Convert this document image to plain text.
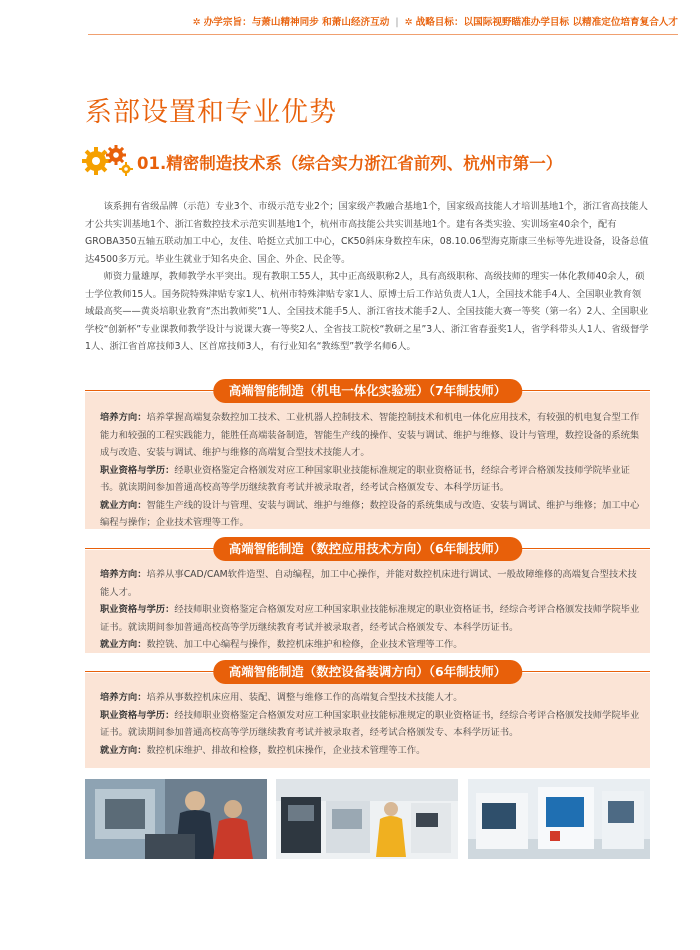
✲ 办学宗旨：与萧山精神同步 和萧山经济互动 | ✲ 战略目标：以国际视野瞄准办学目标 以精准定位培育复合人才
系部设置和专业优势
01.精密制造技术系（综合实力浙江省前列、杭州市第一）

该系拥有省级品牌（示范）专业3个、市级示范专业2个；国家级产教融合基地1个，国家级高技能人才培训基地1个，浙江省高技能人才公共实训基地1个、浙江省数控技术示范实训基地1个，杭州市高技能公共实训基地1个。建有各类实验、实训场室40余个，配有GROBA350五轴五联动加工中心，友佳、哈挺立式加工中心，CK50斜床身数控车床，08.10.06型海克斯康三坐标等先进设备，设备总值达4500多万元。毕业生就业于知名央企、国企、外企、民企等。

师资力量雄厚，教师教学水平突出。现有教职工55人，其中正高级职称2人，具有高级职称、高级技师的理实一体化教师40余人，硕士学位教师15人。国务院特殊津贴专家1人、杭州市特殊津贴专家1人、原博士后工作站负责人1人，全国技术能手4人、全国职业教育领域最高奖——黄炎培职业教育“杰出教师奖”1人、全国技术能手5人、浙江省技术能手2人、全国技能大赛一等奖（第一名）2人、全国职业学校“创新杯”专业课教师教学设计与说课大赛一等奖2人、全省技工院校“教研之星”3人、浙江省春蚕奖1人，省学科带头人1人、省级督学1人、浙江省首席技师3人、区首席技师3人，有行业知名“教练型”教学名师6人。

高端智能制造（机电一体化实验班）（7年制技师）
培养方向：培养掌握高端复杂数控加工技术、工业机器人控制技术、智能控制技术和机电一体化应用技术，有较强的机电复合型工作能力和较强的工程实践能力，能胜任高端装备制造，智能生产线的操作、安装与调试、维护与维修、设计与管理，数控设备的系统集成与改造、安装与调试、维护与维修的高端复合型技术技能人才。
职业资格与学历：经职业资格鉴定合格颁发对应工种国家职业技能标准规定的职业资格证书，经综合考评合格颁发技师学院毕业证书。就读期间参加普通高校高等学历继续教育考试并被录取者，经考试合格颁发专、本科学历证书。
就业方向：智能生产线的设计与管理、安装与调试、维护与维修；数控设备的系统集成与改造、安装与调试、维护与维修；加工中心编程与操作；企业技术管理等工作。
高端智能制造（数控应用技术方向）（6年制技师）
培养方向：培养从事CAD/CAM软件造型、自动编程，加工中心操作，并能对数控机床进行调试、一般故障维修的高端复合型技术技能人才。
职业资格与学历：经技师职业资格鉴定合格颁发对应工种国家职业技能标准规定的职业资格证书，经综合考评合格颁发技师学院毕业证书。就读期间参加普通高校高等学历继续教育考试并被录取者，经考试合格颁发专、本科学历证书。
就业方向：数控铣、加工中心编程与操作，数控机床维护和检修，企业技术管理等工作。
高端智能制造（数控设备装调方向）（6年制技师）
培养方向：培养从事数控机床应用、装配、调整与维修工作的高端复合型技术技能人才。
职业资格与学历：经技师职业资格鉴定合格颁发对应工种国家职业技能标准规定的职业资格证书，经综合考评合格颁发技师学院毕业证书。就读期间参加普通高校高等学历继续教育考试并被录取者，经考试合格颁发专、本科学历证书。
就业方向：数控机床维护、排故和检修，数控机床操作，企业技术管理等工作。
